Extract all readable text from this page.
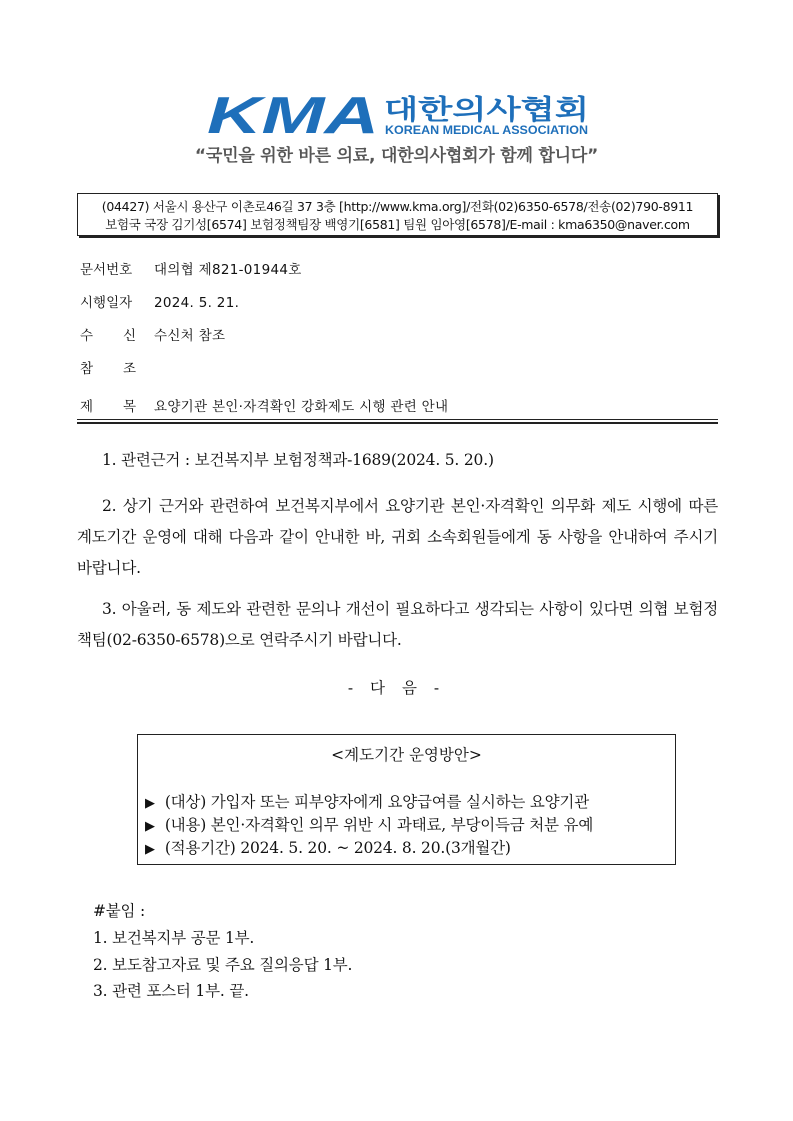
KMA 대한의사협회
KOREAN MEDICAL ASSOCIATION
“국민을 위한 바른 의료, 대한의사협회가 함께 합니다”
(04427) 서울시 용산구 이촌로46길 37 3층 [http://www.kma.org]/전화(02)6350-6578/전송(02)790-8911
보험국 국장 김기성[6574] 보험정책팀장 백영기[6581] 팀원 임아영[6578]/E-mail : kma6350@naver.com
문서번호 대의협 제821-01944호
시행일자 2024. 5. 21.
수신수신처 참조
참조
제목요양기관 본인·자격확인 강화제도 시행 관련 안내
1. 관련근거 : 보건복지부 보험정책과-1689(2024. 5. 20.)
2. 상기 근거와 관련하여 보건복지부에서 요양기관 본인·자격확인 의무화 제도 시행에 따른 계도기간 운영에 대해 다음과 같이 안내한 바, 귀회 소속회원들에게 동 사항을 안내하여 주시기 바랍니다.
3. 아울러, 동 제도와 관련한 문의나 개선이 필요하다고 생각되는 사항이 있다면 의협 보험정책팀(02-6350-6578)으로 연락주시기 바랍니다.
- 다 음 -
<계도기간 운영방안>
▶ (대상) 가입자 또는 피부양자에게 요양급여를 실시하는 요양기관
▶ (내용) 본인·자격확인 의무 위반 시 과태료, 부당이득금 처분 유예
▶ (적용기간) 2024. 5. 20. ~ 2024. 8. 20.(3개월간)
#붙임 :
1. 보건복지부 공문 1부.
2. 보도참고자료 및 주요 질의응답 1부.
3. 관련 포스터 1부. 끝.
